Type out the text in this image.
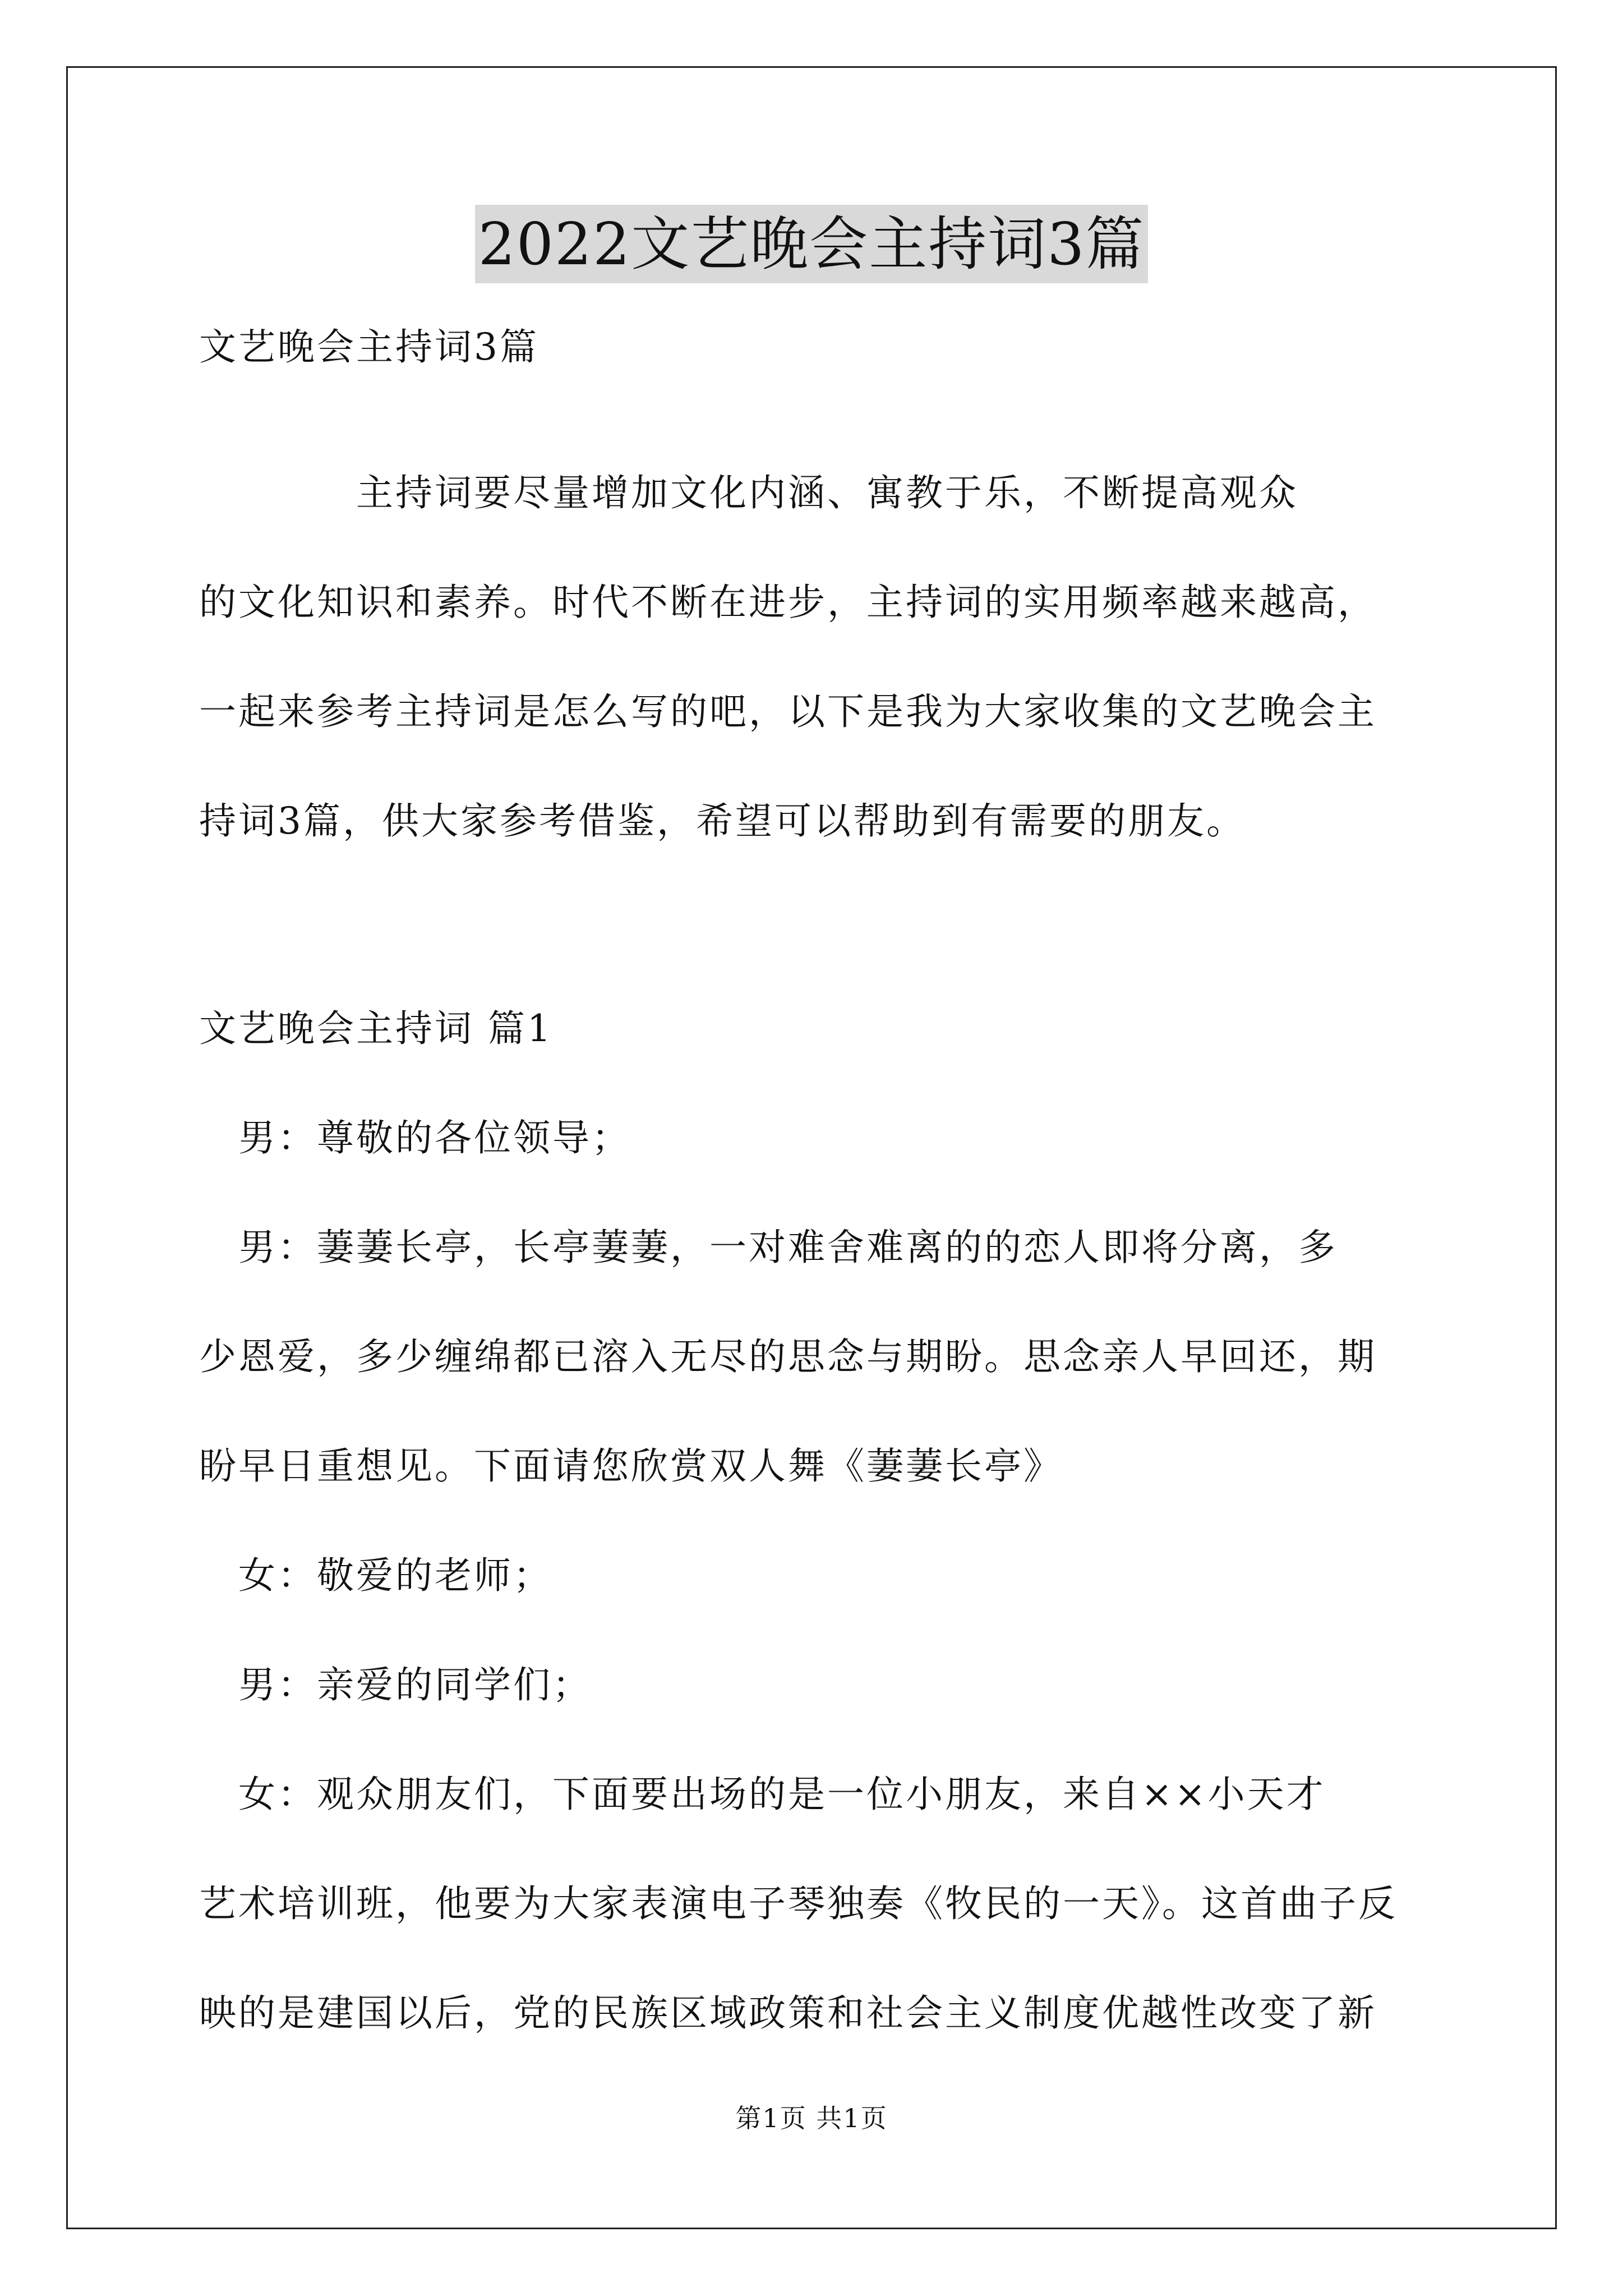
2022文艺晚会主持词3篇
文艺晚会主持词3篇
　　　　主持词要尽量增加文化内涵、寓教于乐，不断提高观众
的文化知识和素养。时代不断在进步，主持词的实用频率越来越高，
一起来参考主持词是怎么写的吧，以下是我为大家收集的文艺晚会主
持词3篇，供大家参考借鉴，希望可以帮助到有需要的朋友。
文艺晚会主持词 篇1
　男：尊敬的各位领导；
　男：萋萋长亭，长亭萋萋，一对难舍难离的的恋人即将分离，多
少恩爱，多少缠绵都已溶入无尽的思念与期盼。思念亲人早回还，期
盼早日重想见。下面请您欣赏双人舞《萋萋长亭》
　女：敬爱的老师；
　男：亲爱的同学们；
　女：观众朋友们，下面要出场的是一位小朋友，来自××小天才
艺术培训班，他要为大家表演电子琴独奏《牧民的一天》。这首曲子反
映的是建国以后，党的民族区域政策和社会主义制度优越性改变了新
第1页 共1页
